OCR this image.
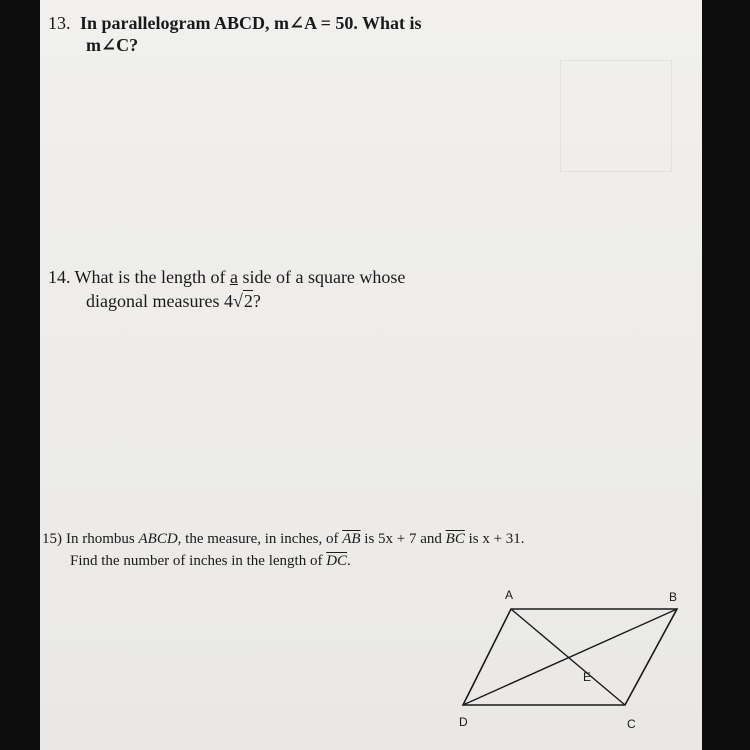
13. In parallelogram ABCD, m∠A = 50. What is
m∠C?
14. What is the length of a side of a square whose
diagonal measures 4√2?
15) In rhombus ABCD, the measure, in inches, of $\overline{AB}$ is 5x + 7 and $\overline{BC}$ is x + 31.
Find the number of inches in the length of $\overline{DC}$.
A	B
C
D
E
